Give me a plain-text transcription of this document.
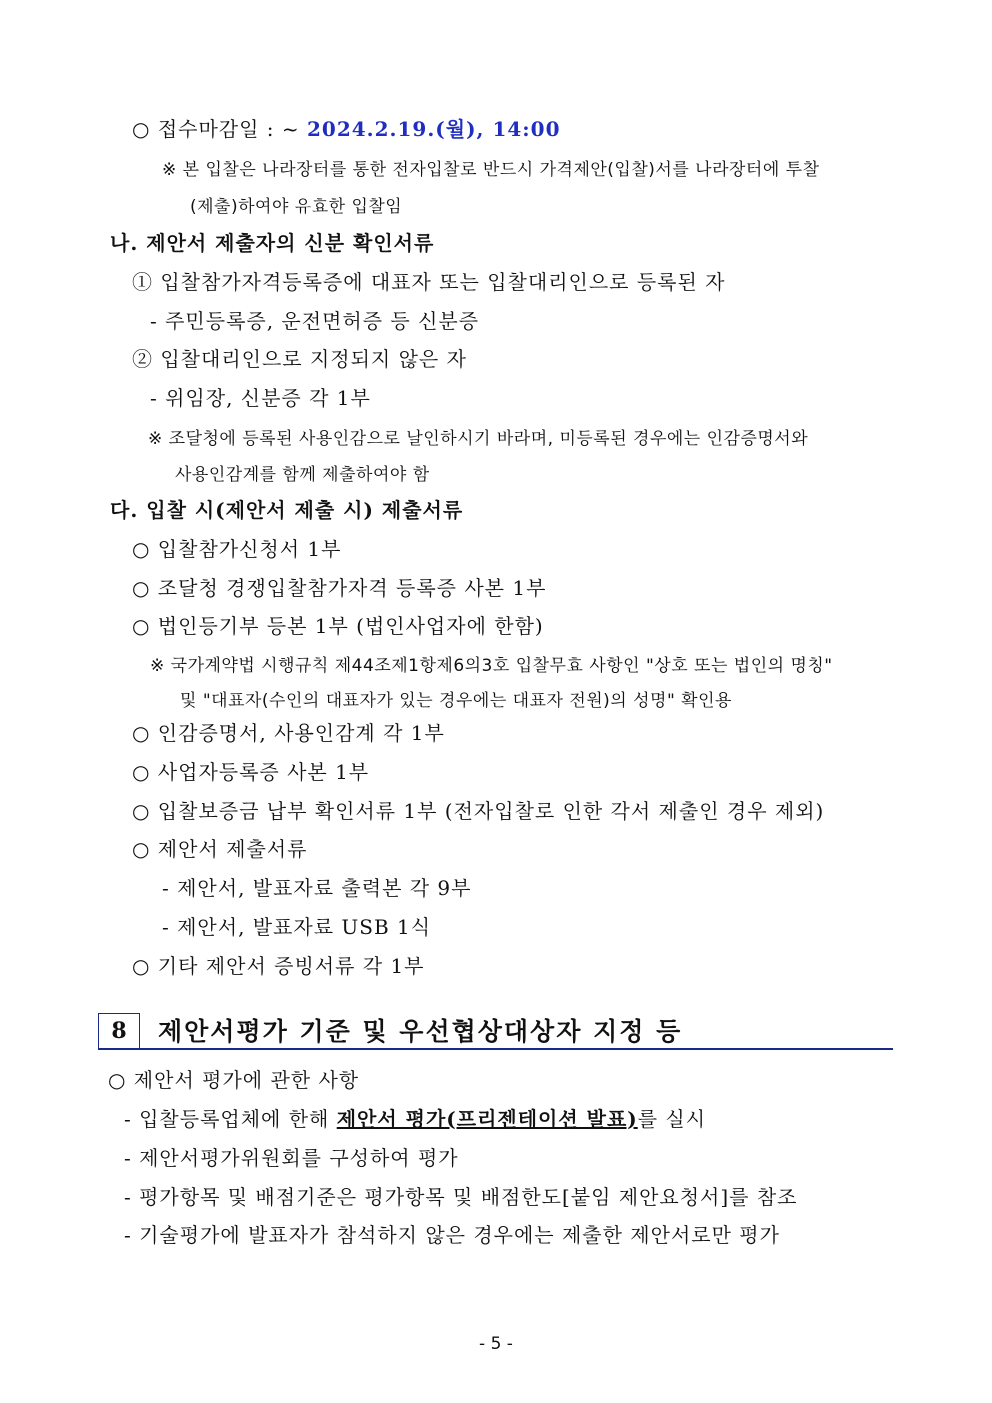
○ 접수마감일 : ~ 2024.2.19.(월), 14:00
※ 본 입찰은 나라장터를 통한 전자입찰로 반드시 가격제안(입찰)서를 나라장터에 투찰
(제출)하여야 유효한 입찰임
나. 제안서 제출자의 신분 확인서류
① 입찰참가자격등록증에 대표자 또는 입찰대리인으로 등록된 자
- 주민등록증, 운전면허증 등 신분증
② 입찰대리인으로 지정되지 않은 자
- 위임장, 신분증 각 1부
※ 조달청에 등록된 사용인감으로 날인하시기 바라며, 미등록된 경우에는 인감증명서와
사용인감계를 함께 제출하여야 함
다. 입찰 시(제안서 제출 시) 제출서류
○ 입찰참가신청서 1부
○ 조달청 경쟁입찰참가자격 등록증 사본 1부
○ 법인등기부 등본 1부 (법인사업자에 한함)
※ 국가계약법 시행규칙 제44조제1항제6의3호 입찰무효 사항인 "상호 또는 법인의 명칭"
및 "대표자(수인의 대표자가 있는 경우에는 대표자 전원)의 성명" 확인용
○ 인감증명서, 사용인감계 각 1부
○ 사업자등록증 사본 1부
○ 입찰보증금 납부 확인서류 1부 (전자입찰로 인한 각서 제출인 경우 제외)
○ 제안서 제출서류
- 제안서, 발표자료 출력본 각 9부
- 제안서, 발표자료 USB 1식
○ 기타 제안서 증빙서류 각 1부
8	제안서평가 기준 및 우선협상대상자 지정 등
○ 제안서 평가에 관한 사항
- 입찰등록업체에 한해 제안서 평가(프리젠테이션 발표)를 실시
- 제안서평가위원회를 구성하여 평가
- 평가항목 및 배점기준은 평가항목 및 배점한도[붙임 제안요청서]를 참조
- 기술평가에 발표자가 참석하지 않은 경우에는 제출한 제안서로만 평가
- 5 -
